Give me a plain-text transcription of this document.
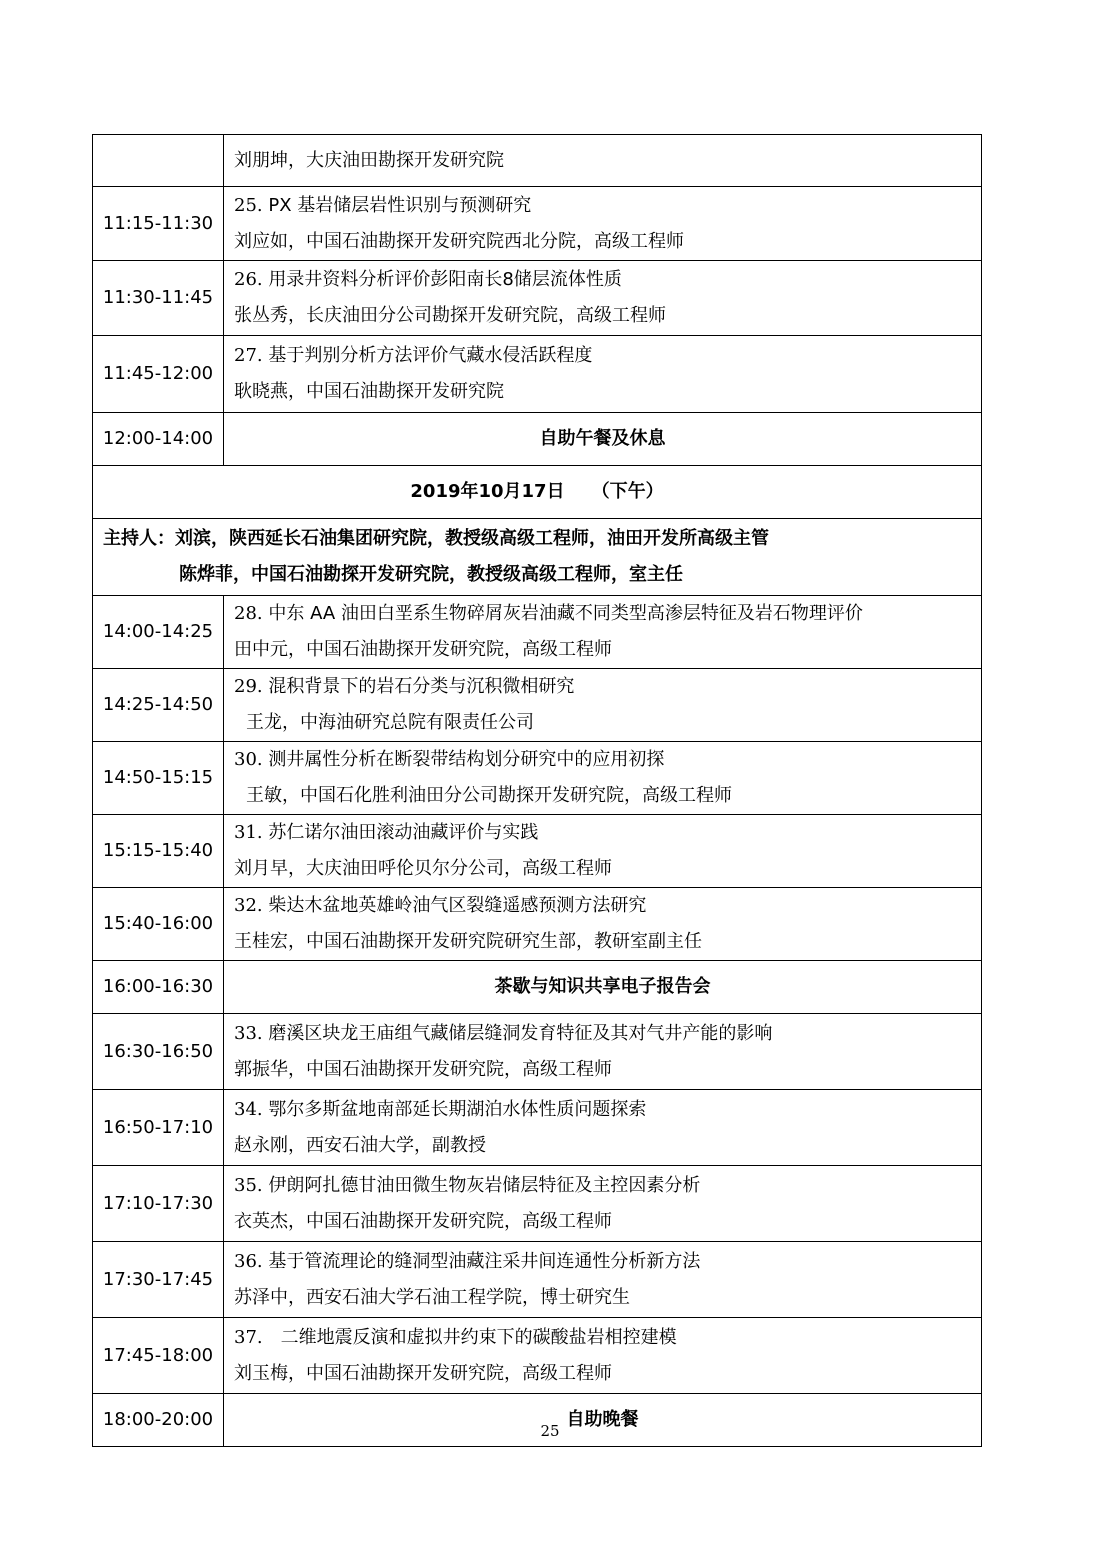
	刘朋坤，大庆油田勘探开发研究院

11:15-11:30	25. PX 基岩储层岩性识别与预测研究
刘应如，中国石油勘探开发研究院西北分院，高级工程师

11:30-11:45	26. 用录井资料分析评价彭阳南长8储层流体性质
张丛秀，长庆油田分公司勘探开发研究院，高级工程师

11:45-12:00	27. 基于判别分析方法评价气藏水侵活跃程度
耿晓燕，中国石油勘探开发研究院

12:00-14:00	自助午餐及休息
2019年10月17日　　（下午）	

主持人：刘滨，陕西延长石油集团研究院，教授级高级工程师，油田开发所高级主管
陈烨菲，中国石油勘探开发研究院，教授级高级工程师，室主任	

14:00-14:25	28. 中东 AA 油田白垩系生物碎屑灰岩油藏不同类型高渗层特征及岩石物理评价
田中元，中国石油勘探开发研究院，高级工程师

14:25-14:50	29. 混积背景下的岩石分类与沉积微相研究
王龙，中海油研究总院有限责任公司

14:50-15:15	30. 测井属性分析在断裂带结构划分研究中的应用初探
王敏，中国石化胜利油田分公司勘探开发研究院，高级工程师

15:15-15:40	31. 苏仁诺尔油田滚动油藏评价与实践
刘月早，大庆油田呼伦贝尔分公司，高级工程师

15:40-16:00	32. 柴达木盆地英雄岭油气区裂缝遥感预测方法研究
王桂宏，中国石油勘探开发研究院研究生部，教研室副主任

16:00-16:30	茶歇与知识共享电子报告会
16:30-16:50	33. 磨溪区块龙王庙组气藏储层缝洞发育特征及其对气井产能的影响
郭振华，中国石油勘探开发研究院，高级工程师

16:50-17:10	34. 鄂尔多斯盆地南部延长期湖泊水体性质问题探索
赵永刚，西安石油大学，副教授

17:10-17:30	35. 伊朗阿扎德甘油田微生物灰岩储层特征及主控因素分析
衣英杰，中国石油勘探开发研究院，高级工程师

17:30-17:45	36. 基于管流理论的缝洞型油藏注采井间连通性分析新方法
苏泽中，西安石油大学石油工程学院，博士研究生

17:45-18:00	37.　二维地震反演和虚拟井约束下的碳酸盐岩相控建模
刘玉梅，中国石油勘探开发研究院，高级工程师

18:00-20:00	自助晚餐
25
